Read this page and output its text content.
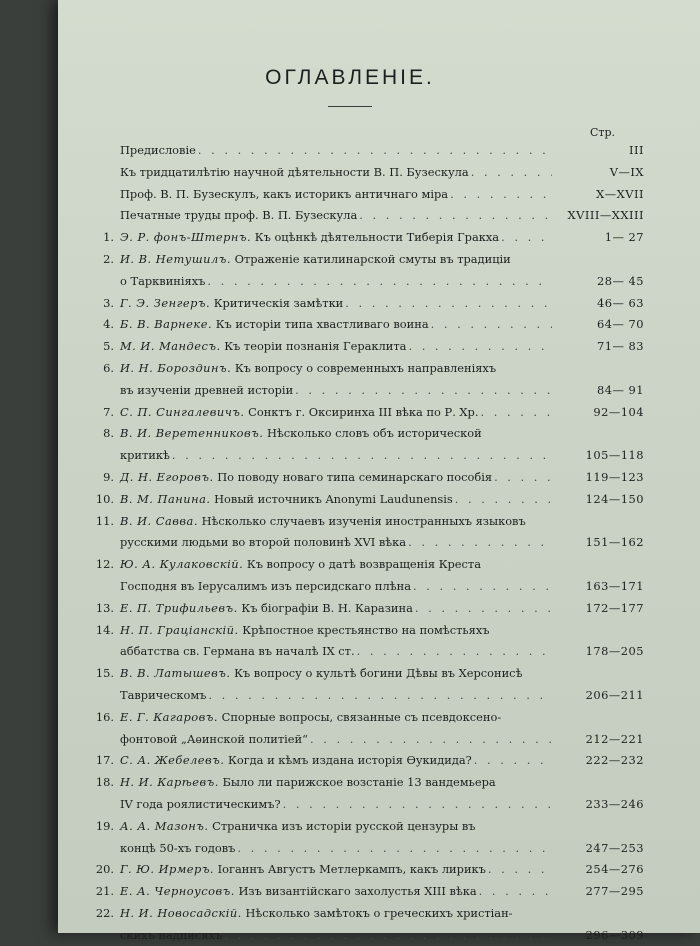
ОГЛАВЛЕНІЕ.
Стр.
Предисловіе . . .	III
Къ тридцатилѣтію научной дѣятельности В. П. Бузескула . . .	V—IX
Проф. В. П. Бузескулъ, какъ историкъ античнаго міра . . .	X—XVII
Печатные труды проф. В. П. Бузескула . . .	XVIII—XXIII
1. Э. Р. фонъ-Штернъ. Къ оцѣнкѣ дѣятельности Тиберія Гракха . . .	1— 27
2. И. В. Нетушилъ. Отраженіе катилинарской смуты въ традиціи
о Тарквиніяхъ . . .	28— 45
3. Г. Э. Зенгеръ. Критическія замѣтки . . .	46— 63
4. Б. В. Варнеке. Къ исторіи типа хвастливаго воина . . .	64— 70
5. М. И. Мандесъ. Къ теоріи познанія Гераклита . . .	71— 83
6. И. Н. Бороздинъ. Къ вопросу о современныхъ направленіяхъ
въ изученіи древней исторіи . . .	84— 91
7. С. П. Сингалевичъ. Сонктъ г. Оксиринха III вѣка по Р. Хр. . . .	92—104
8. В. И. Веретенниковъ. Нѣсколько словъ объ исторической
критикѣ . . .	105—118
9. Д. Н. Егоровъ. По поводу новаго типа семинарскаго пособія . . .	119—123
10. В. М. Панина. Новый источникъ Anonymi Laudunensis . . .	124—150
11. В. И. Савва. Нѣсколько случаевъ изученія иностранныхъ языковъ
русскими людьми во второй половинѣ XVI вѣка . . .	151—162
12. Ю. А. Кулаковскій. Къ вопросу о датѣ возвращенія Креста
Господня въ Іерусалимъ изъ персидскаго плѣна . . .	163—171
13. Е. П. Трифильевъ. Къ біографіи В. Н. Каразина . . .	172—177
14. Н. П. Грацiанскій. Крѣпостное крестьянство на помѣстьяхъ
аббатства св. Германа въ началѣ IX ст. . . .	178—205
15. В. В. Латышевъ. Къ вопросу о культѣ богини Дѣвы въ Херсонисѣ
Таврическомъ . . .	206—211
16. Е. Г. Кагаровъ. Спорные вопросы, связанные съ псевдоксено-
фонтовой „Аѳинской политіей“ . . .	212—221
17. С. А. Жебелевъ. Когда и кѣмъ издана исторія Ѳукидида? . . .	222—232
18. Н. И. Карѣевъ. Было ли парижское возстаніе 13 вандемьера
IV года роялистическимъ? . . .	233—246
19. А. А. Мазонъ. Страничка изъ исторіи русской цензуры въ
концѣ 50-хъ годовъ . . .	247—253
20. Г. Ю. Ирмеръ. Іоганнъ Августъ Метлеркампъ, какъ лирикъ . . .	254—276
21. Е. А. Черноусовъ. Изъ византійскаго захолустья XIII вѣка . . .	277—295
22. Н. И. Новосадскій. Нѣсколько замѣтокъ о греческихъ христіан-
скихъ надписяхъ . . .	296—309
